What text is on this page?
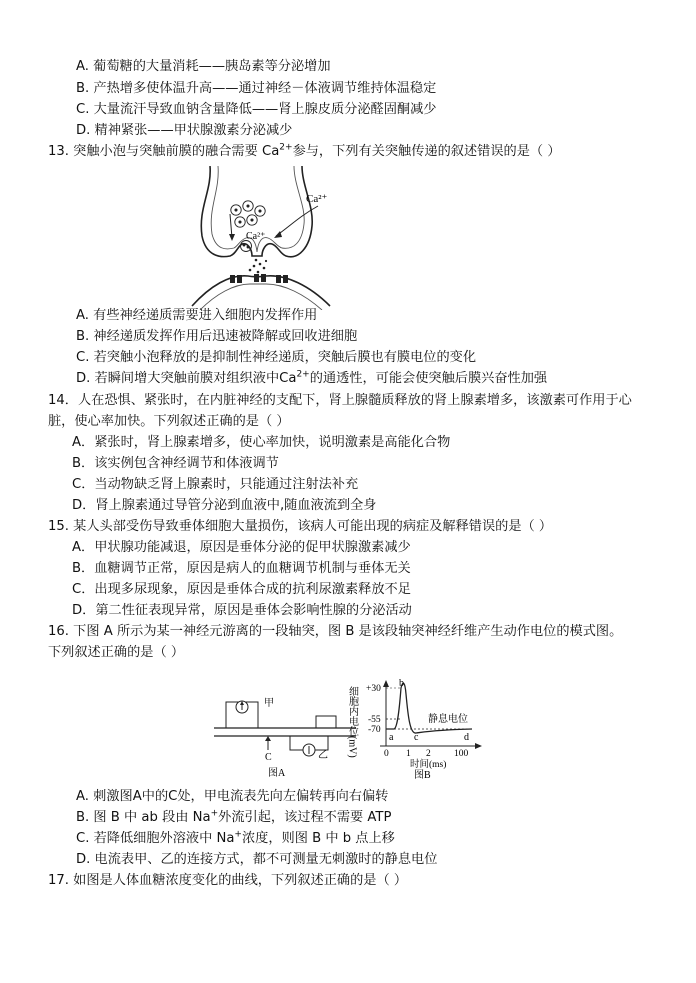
A. 葡萄糖的大量消耗——胰岛素等分泌增加
B. 产热增多使体温升高——通过神经－体液调节维持体温稳定
C. 大量流汗导致血钠含量降低——肾上腺皮质分泌醛固酮减少
D. 精神紧张——甲状腺激素分泌减少
13. 突触小泡与突触前膜的融合需要 $Ca^{2+}$参与，下列有关突触传递的叙述错误的是（ ）
Ca²⁺
Ca²⁺
A. 有些神经递质需要进入细胞内发挥作用
B. 神经递质发挥作用后迅速被降解或回收进细胞
C. 若突触小泡释放的是抑制性神经递质，突触后膜也有膜电位的变化
D. 若瞬间增大突触前膜对组织液中$Ca^{2+}$的通透性，可能会使突触后膜兴奋性加强
14．人在恐惧、紧张时，在内脏神经的支配下，肾上腺髓质释放的肾上腺素增多，该激素可作用于心
脏，使心率加快。下列叙述正确的是（ ）
A．紧张时，肾上腺素增多，使心率加快，说明激素是高能化合物
B．该实例包含神经调节和体液调节
C．当动物缺乏肾上腺素时，只能通过注射法补充
D．肾上腺素通过导管分泌到血液中,随血液流到全身
15. 某人头部受伤导致垂体细胞大量损伤，该病人可能出现的病症及解释错误的是（ ）
A．甲状腺功能减退，原因是垂体分泌的促甲状腺激素减少
B．血糖调节正常，原因是病人的血糖调节机制与垂体无关
C．出现多尿现象，原因是垂体合成的抗利尿激素释放不足
D．第二性征表现异常，原因是垂体会影响性腺的分泌活动
16. 下图 A 所示为某一神经元游离的一段轴突，图 B 是该段轴突神经纤维产生动作电位的模式图。
下列叙述正确的是（ ）
甲
乙
C
图A
细胞内电位(mV) +30
-55
-70
a
b
c	d
静息电位
0 1 2 100
时间(ms)
图B
A. 刺激图A中的C处，甲电流表先向左偏转再向右偏转
B. 图 B 中 ab 段由 Na+外流引起，该过程不需要 ATP
C. 若降低细胞外溶液中 Na+浓度，则图 B 中 b 点上移
D. 电流表甲、乙的连接方式，都不可测量无刺激时的静息电位
17. 如图是人体血糖浓度变化的曲线，下列叙述正确的是（ ）
